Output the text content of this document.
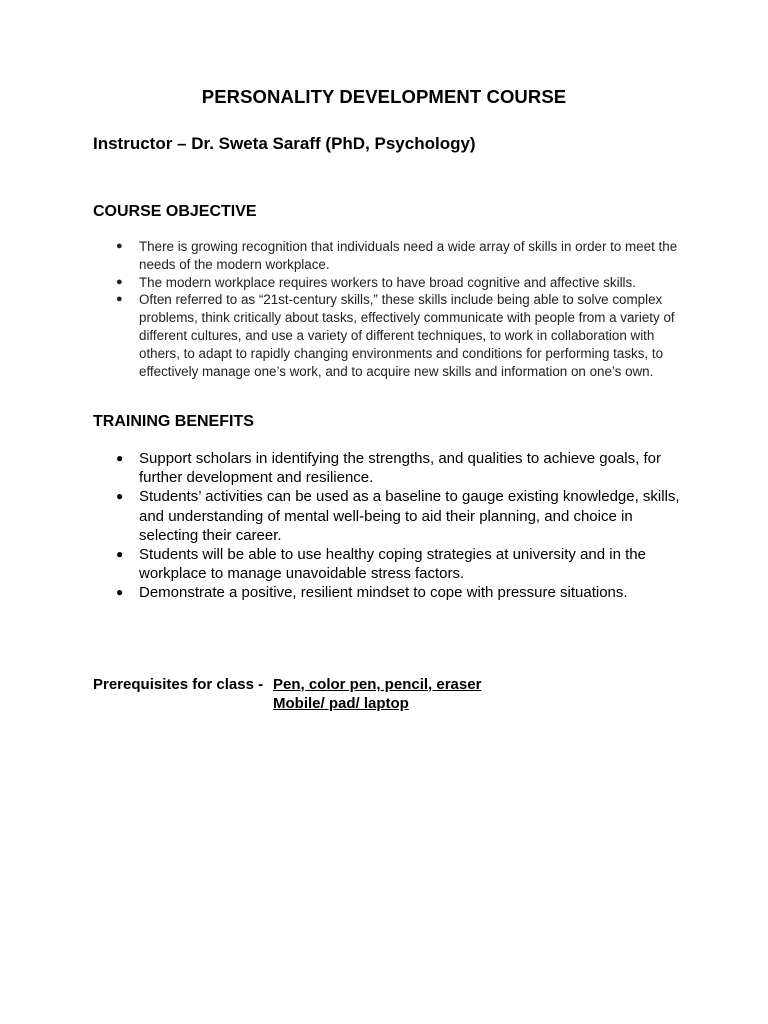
PERSONALITY DEVELOPMENT COURSE
Instructor – Dr. Sweta Saraff (PhD, Psychology)
COURSE OBJECTIVE
● There is growing recognition that individuals need a wide array of skills in order to meet the needs of the modern workplace.
● The modern workplace requires workers to have broad cognitive and affective skills.
● Often referred to as “21st-century skills,” these skills include being able to solve complex problems, think critically about tasks, effectively communicate with people from a variety of different cultures, and use a variety of different techniques, to work in collaboration with others, to adapt to rapidly changing environments and conditions for performing tasks, to effectively manage one’s work, and to acquire new skills and information on one’s own.
TRAINING BENEFITS
● Support scholars in identifying the strengths, and qualities to achieve goals, for further development and resilience.
● Students’ activities can be used as a baseline to gauge existing knowledge, skills, and understanding of mental well-being to aid their planning, and choice in selecting their career.
● Students will be able to use healthy coping strategies at university and in the workplace to manage unavoidable stress factors.
● Demonstrate a positive, resilient mindset to cope with pressure situations.
Prerequisites for class - Pen, color pen, pencil, eraser
Mobile/ pad/ laptop
